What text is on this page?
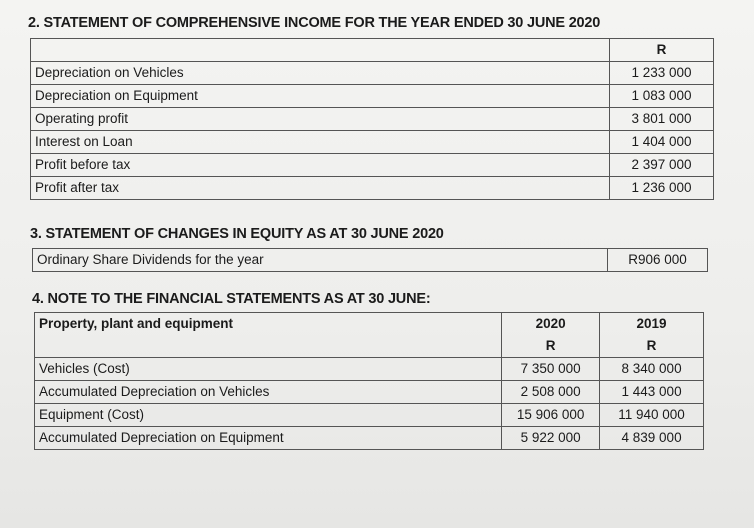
2. STATEMENT OF COMPREHENSIVE INCOME FOR THE YEAR ENDED 30 JUNE 2020
	R
Depreciation on Vehicles	1 233 000
Depreciation on Equipment	1 083 000
Operating profit	3 801 000
Interest on Loan	1 404 000
Profit before tax	2 397 000
Profit after tax	1 236 000
3. STATEMENT OF CHANGES IN EQUITY AS AT 30 JUNE 2020
Ordinary Share Dividends for the year	R906 000
4. NOTE TO THE FINANCIAL STATEMENTS AS AT 30 JUNE:
Property, plant and equipment	2020	2019
	R	R
Vehicles (Cost)	7 350 000	8 340 000
Accumulated Depreciation on Vehicles	2 508 000	1 443 000
Equipment (Cost)	15 906 000	11 940 000
Accumulated Depreciation on Equipment	5 922 000	4 839 000
